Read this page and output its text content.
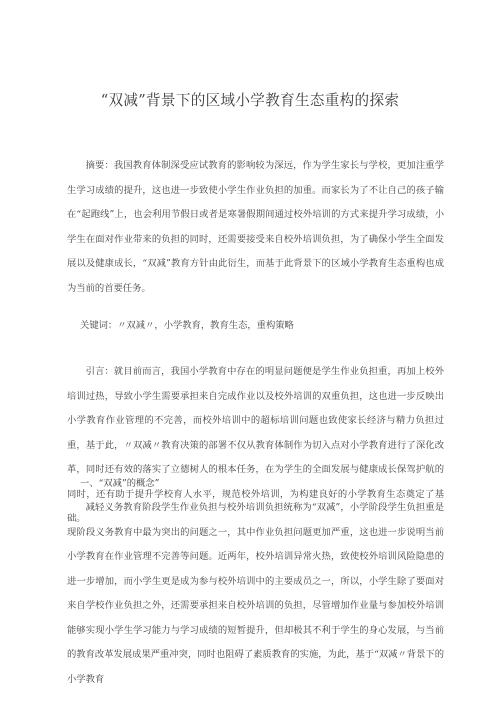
“双减”背景下的区域小学教育生态重构的探索

摘要：我国教育体制深受应试教育的影响较为深远，作为学生家长与学校，更加注重学生学习成绩的提升，这也进一步致使小学生作业负担的加重。而家长为了不让自己的孩子输在“起跑线”上，也会利用节假日或者是寒暑假期间通过校外培训的方式来提升学习成绩，小学生在面对作业带来的负担的同时，还需要接受来自校外培训负担，为了确保小学生全面发展以及健康成长，“双减”教育方针由此衍生，而基于此背景下的区域小学教育生态重构也成为当前的首要任务。

关键词：〃双减〃，小学教育，教育生态，重构策略

引言：就目前而言，我国小学教育中存在的明显问题便是学生作业负担重，再加上校外培训过热，导致小学生需要承担来自完成作业以及校外培训的双重负担，这也进一步反映出小学教育作业管理的不完善，而校外培训中的超标培训问题也致使家长经济与精力负担过重，基于此，〃双减〃教育决策的部署不仅从教育体制作为切入点对小学教育进行了深化改革，同时还有效的落实了立德树人的根本任务，在为学生的全面发展与健康成长保驾护航的同时，还有助于提升学校育人水平，规范校外培训，为构建良好的小学教育生态奠定了基础。

一、“双减”的概念”

减轻义务教育阶段学生作业负担与校外培训负担统称为“双减”，小学阶段学生负担重是现阶段义务教育中最为突出的问题之一，其中作业负担问题更加严重，这也进一步说明当前小学教育在作业管理不完善等问题。近两年，校外培训异常火热，致使校外培训风险隐患的进一步增加，而小学生更是成为参与校外培训中的主要成员之一，所以，小学生除了要面对来自学校作业负担之外，还需要承担来自校外培训的负担，尽管增加作业量与参加校外培训能够实现小学生学习能力与学习成绩的短暂提升，但却极其不利于学生的身心发展，与当前的教育改革发展成果严重冲突，同时也阻碍了素质教育的实施，为此，基于“双减〃背景下的小学教育
